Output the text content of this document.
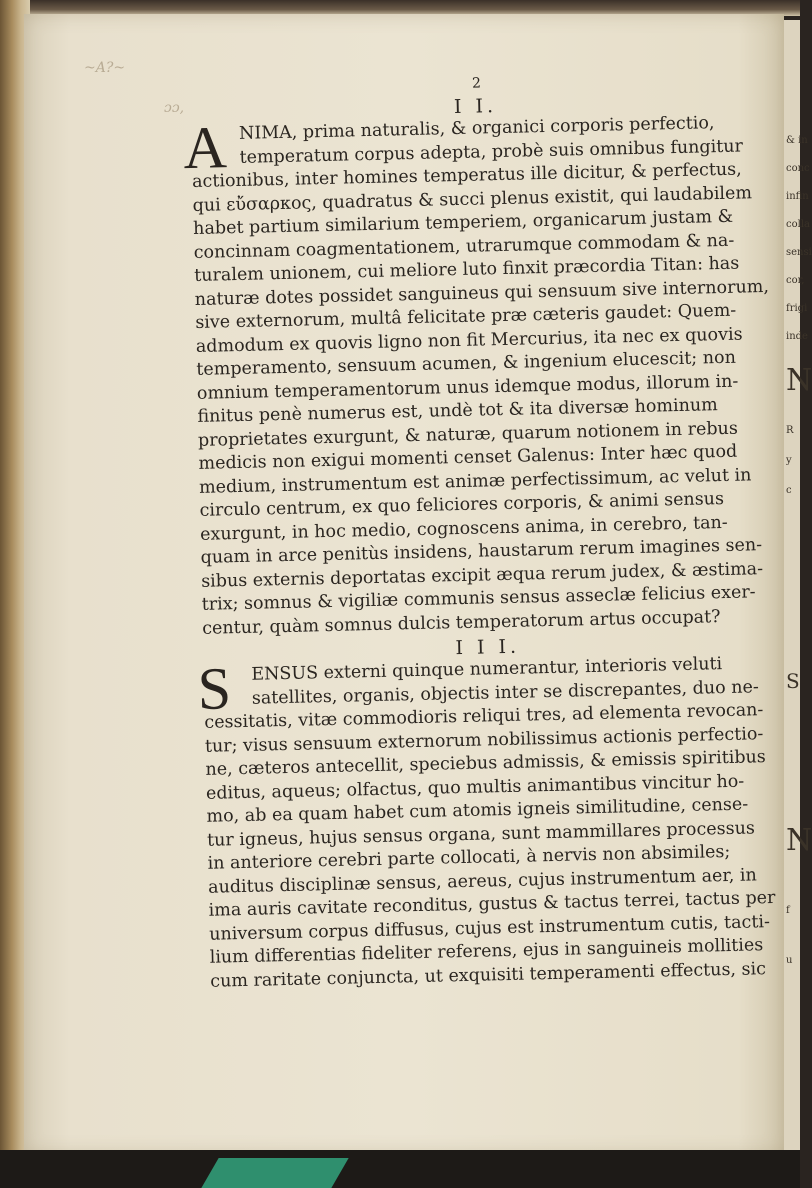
~A?~
ɔɔ,
& in
conc
infin
colla
sensi
cor,
frigi
inde
N
R
y
c
S
N
f
u
2
I I.
A NIMA, prima naturalis, & organici corporis perfectio,
temperatum corpus adepta, probè suis omnibus fungitur
actionibus, inter homines temperatus ille dicitur, & perfectus,
qui εὔσαρκος, quadratus & succi plenus existit, qui laudabilem
habet partium similarium temperiem, organicarum justam &
concinnam coagmentationem, utrarumque commodam & na-
turalem unionem, cui meliore luto finxit præcordia Titan: has
naturæ dotes possidet sanguineus qui sensuum sive internorum,
sive externorum, multâ felicitate præ cæteris gaudet: Quem-
admodum ex quovis ligno non fit Mercurius, ita nec ex quovis
temperamento, sensuum acumen, & ingenium elucescit; non
omnium temperamentorum unus idemque modus, illorum in-
finitus penè numerus est, undè tot & ita diversæ hominum
proprietates exurgunt, & naturæ, quarum notionem in rebus
medicis non exigui momenti censet Galenus: Inter hæc quod
medium, instrumentum est animæ perfectissimum, ac velut in
circulo centrum, ex quo feliciores corporis, & animi sensus
exurgunt, in hoc medio, cognoscens anima, in cerebro, tan-
quam in arce penitùs insidens, haustarum rerum imagines sen-
sibus externis deportatas excipit æqua rerum judex, & æstima-
trix; somnus & vigiliæ communis sensus asseclæ felicius exer-
centur, quàm somnus dulcis temperatorum artus occupat?
I I I.
S	ENSUS externi quinque numerantur, interioris veluti
satellites, organis, objectis inter se discrepantes, duo ne-
cessitatis, vitæ commodioris reliqui tres, ad elementa revocan-
tur; visus sensuum externorum nobilissimus actionis perfectio-
ne, cæteros antecellit, speciebus admissis, & emissis spiritibus
editus, aqueus; olfactus, quo multis animantibus vincitur ho-
mo, ab ea quam habet cum atomis igneis similitudine, cense-
tur igneus, hujus sensus organa, sunt mammillares processus
in anteriore cerebri parte collocati, à nervis non absimiles;
auditus disciplinæ sensus, aereus, cujus instrumentum aer, in
ima auris cavitate reconditus, gustus & tactus terrei, tactus per
universum corpus diffusus, cujus est instrumentum cutis, tacti-
lium differentias fideliter referens, ejus in sanguineis mollities
cum raritate conjuncta, ut exquisiti temperamenti effectus, sic
